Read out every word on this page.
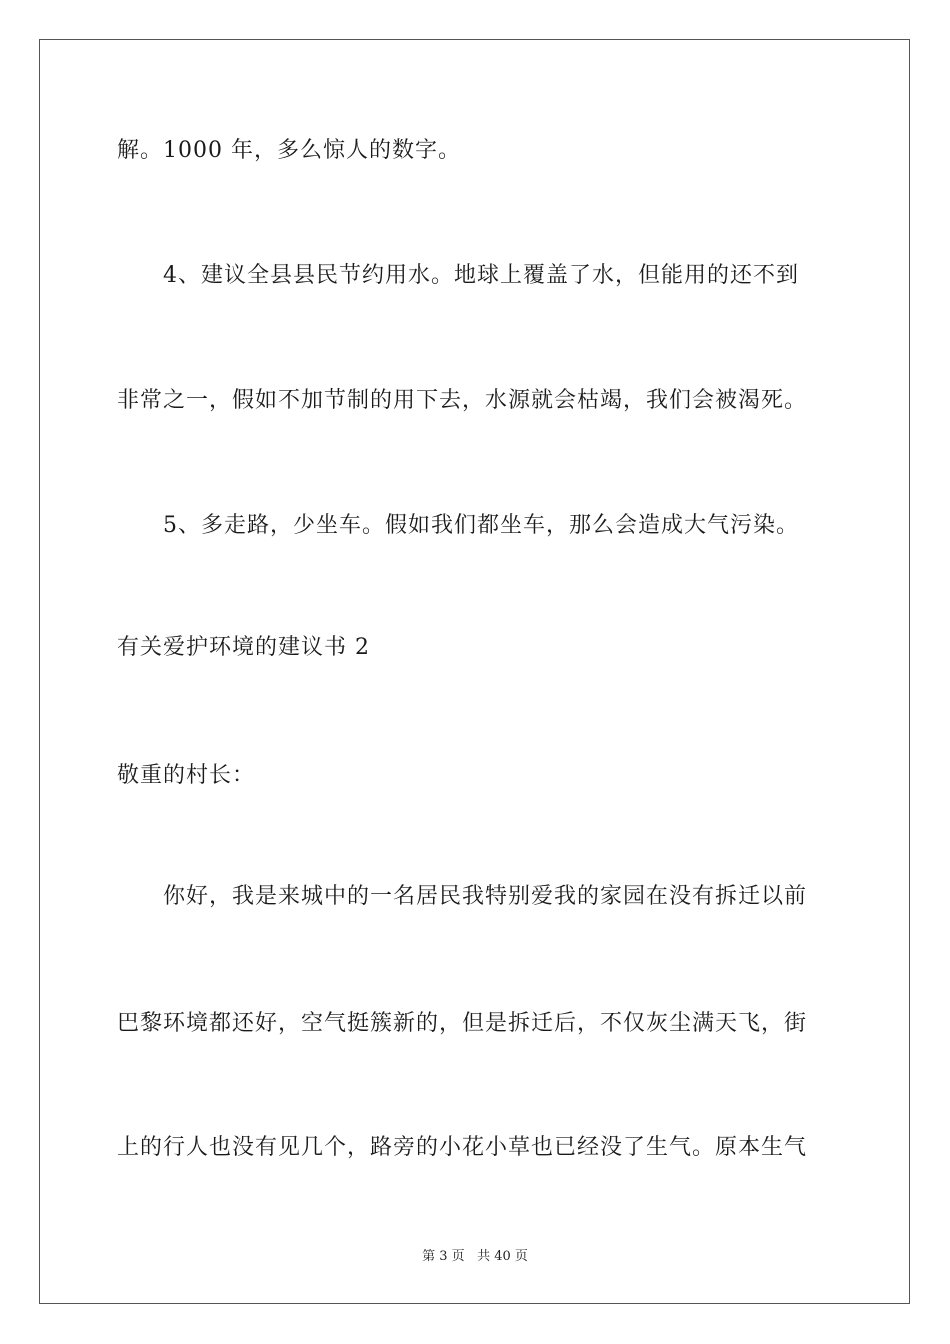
解。1000 年，多么惊人的数字。
4、建议全县县民节约用水。地球上覆盖了水，但能用的还不到
非常之一，假如不加节制的用下去，水源就会枯竭，我们会被渴死。
5、多走路，少坐车。假如我们都坐车，那么会造成大气污染。
有关爱护环境的建议书 2
敬重的村长：
你好，我是来城中的一名居民我特别爱我的家园在没有拆迁以前
巴黎环境都还好，空气挺簇新的，但是拆迁后，不仅灰尘满天飞，街
上的行人也没有见几个，路旁的小花小草也已经没了生气。原本生气
第 3 页 共 40 页
